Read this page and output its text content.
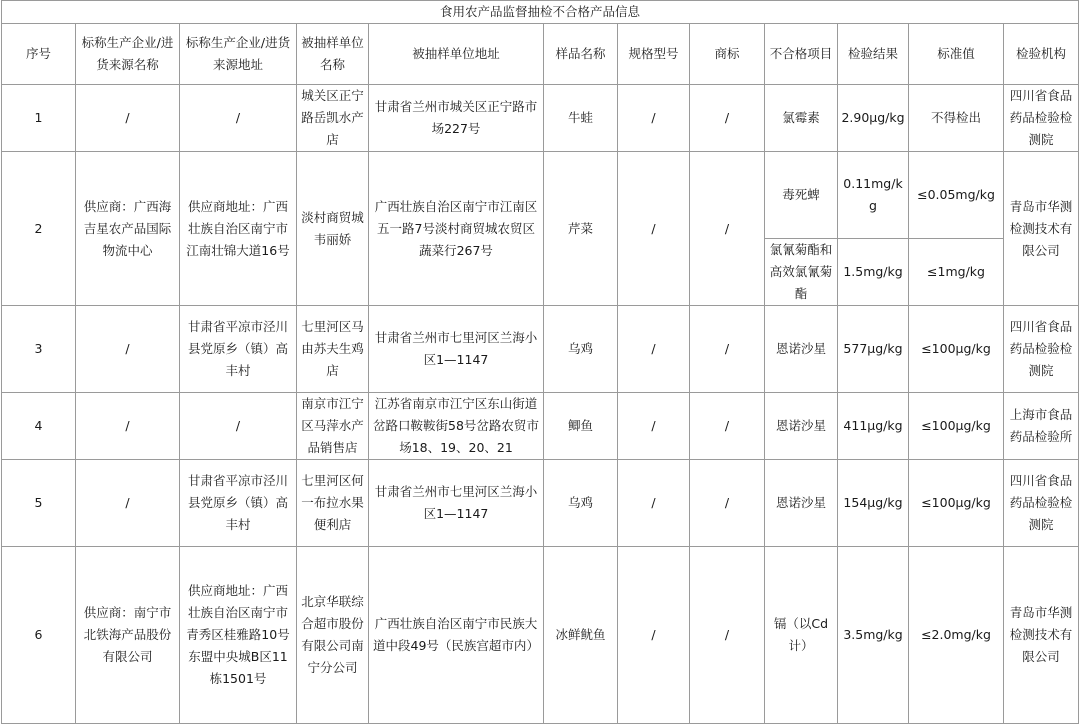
食用农产品监督抽检不合格产品信息											
序号	标称生产企业/进货来源名称	标称生产企业/进货来源地址	被抽样单位名称	被抽样单位地址	样品名称	规格型号	商标	不合格项目	检验结果	标准值	检验机构
1	/	/	城关区正宁路岳凯水产店	甘肃省兰州市城关区正宁路市场227号	牛蛙	/	/	氯霉素	2.90μg/kg	不得检出	四川省食品药品检验检测院
2	供应商：广西海吉星农产品国际物流中心	供应商地址：广西壮族自治区南宁市江南壮锦大道16号	淡村商贸城韦丽娇	广西壮族自治区南宁市江南区五一路7号淡村商贸城农贸区蔬菜行267号	芹菜	/	/	毒死蜱	0.11mg/kg	≤0.05mg/kg	青岛市华测检测技术有限公司
								氯氰菊酯和高效氯氰菊酯	1.5mg/kg	≤1mg/kg	
3	/	甘肃省平凉市泾川县党原乡（镇）高丰村	七里河区马由苏夫生鸡店	甘肃省兰州市七里河区兰海小区1—1147	乌鸡	/	/	恩诺沙星	577μg/kg	≤100μg/kg	四川省食品药品检验检测院
4	/	/	南京市江宁区马萍水产品销售店	江苏省南京市江宁区东山街道岔路口鞍鞍街58号岔路农贸市场18、19、20、21	鲫鱼	/	/	恩诺沙星	411μg/kg	≤100μg/kg	上海市食品药品检验所
5	/	甘肃省平凉市泾川县党原乡（镇）高丰村	七里河区何一布拉水果便利店	甘肃省兰州市七里河区兰海小区1—1147	乌鸡	/	/	恩诺沙星	154μg/kg	≤100μg/kg	四川省食品药品检验检测院
6	供应商：南宁市北铁海产品股份有限公司	供应商地址：广西壮族自治区南宁市青秀区桂雅路10号东盟中央城B区11栋1501号	北京华联综合超市股份有限公司南宁分公司	广西壮族自治区南宁市民族大道中段49号（民族宫超市内）	冰鲜鱿鱼	/	/	镉（以Cd计）	3.5mg/kg	≤2.0mg/kg	青岛市华测检测技术有限公司
